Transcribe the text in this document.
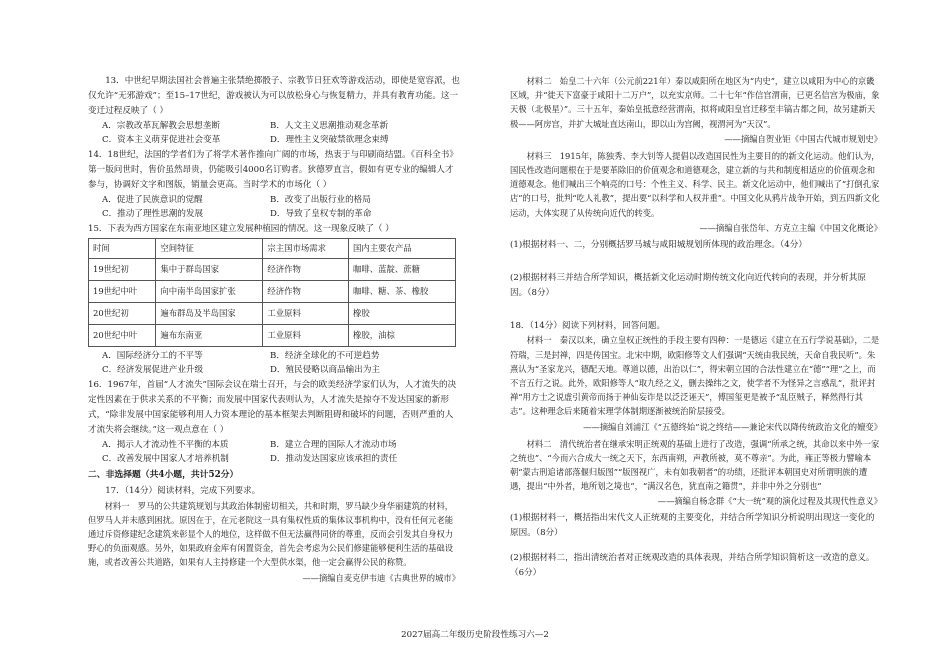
13．中世纪早期法国社会普遍主张禁绝掷骰子、宗教节日狂欢等游戏活动，即使是宽容派，也仅允许“无邪游戏”；至15–17世纪，游戏被认为可以放松身心与恢复精力，并具有教育功能。这一变迁过程反映了（ ）

A．宗教改革瓦解教会思想垄断	B．人文主义思潮推动观念革新
C．资本主义萌芽促进社会变革	D．理性主义突破禁欲理念束缚

14．18世纪，法国的学者们为了将学术著作推向广阔的市场，热衷于与印刷商结盟。《百科全书》第一版问世时，售价虽然昂贵，仍能吸引4000名订购者。狄德罗直言，假如有更专业的编辑人才参与，协调好文字和图版，销量会更高。当时学术的市场化（ ）

A．促进了民族意识的觉醒	B．改变了出版行业的格局
C．推动了理性思潮的发展	D．导致了皇权专制的革命

15．下表为西方国家在东南亚地区建立发展种植园的情况。这一现象反映了（ ）

时间	空间特征	宗主国市场需求	国内主要农产品
19世纪初	集中于群岛国家	经济作物	咖啡、蓝靛、蔗糖
19世纪中叶	向中南半岛国家扩张	经济作物	咖啡、糖、茶、橡胶
20世纪初	遍布群岛及半岛国家	工业原料	橡胶
20世纪中叶	遍布东南亚	工业原料	橡胶，油棕
A．国际经济分工的不平等	B．经济全球化的不可逆趋势
C．经济发展促进产业升级	D．殖民侵略以商品输出为主

16．1967年，首届“人才流失”国际会议在瑞士召开，与会的欧美经济学家们认为，人才流失的决定性因素在于供求关系的不平衡；而发展中国家代表则认为，人才流失是掠夺不发达国家的新形式，“除非发展中国家能够利用人力资本理论的基本框架去判断阻碍和破坏的问题，否则严重的人才流失将会继续。”这一观点意在（ ）

A．揭示人才流动性不平衡的本质	B．建立合理的国际人才流动市场
C．改善发展中国家人才培养机制	D．推动发达国家应该承担的责任

二、非选择题（共4小题，共计52分）

17．（14分）阅读材料，完成下列要求。

材料一　罗马的公共建筑规划与其政治体制密切相关，共和时期，罗马缺少身华丽建筑的材料，但罗马人并未感到困扰。原因在于，在元老院这一具有集权性质的集体议事机构中，没有任何元老能通过斥资修建纪念建筑来彰显个人的地位，这样做不但无法赢得同侪的尊重，反而会引发其自身权力野心的负面观感。另外，如果政府金库有闲置资金，首先会考虑为公民们修建能够便利生活的基础设施，或者改善公共道路，如果有人主持修建一个大型供水渠，他一定会赢得公民的称赞。

——摘编自麦克伊韦迪《古典世界的城市》

材料二　始皇二十六年（公元前221年）秦以咸阳所在地区为“内史”，建立以咸阳为中心的京畿区域，并“徙天下富豪于咸阳十二万户”，以充实京师。二十七年“作信宫渭南，已更名信宫为极庙，象天极（北极星）”。三十五年，秦始皇抵意经营渭南，拟将咸阳皇宫迁移至丰镐古都之间，故另建新天极——阿房宫，并扩大城址直达南山，即以山为宫阙，视渭河为“天汉”。

——摘编自贺业钜《中国古代城市规划史》

材料三　1915年，陈独秀、李大钊等人提倡以改造国民性为主要目的的新文化运动。他们认为，国民性改造问题根在于是要革除旧的价值观念和道德观念，建立新的与共和制度相适应的价值观念和道德观念。他们喊出三个响亮的口号：个性主义、科学、民主。新文化运动中，他们喊出了“打倒孔家店”的口号，批判“吃人礼教”，提出要“以科学和人权并重”。中国文化从鸦片战争开始，到五四新文化运动，大体实现了从传统向近代的转变。

——摘编自张岱年、方克立主编《中国文化概论》

(1)根据材料一、二，分别概括罗马城与咸阳城规划所体现的政治理念。（4分）

(2)根据材料三并结合所学知识，概括新文化运动时期传统文化向近代转向的表现，并分析其原因。（8分）

18．（14分）阅读下列材料，回答问题。

材料一　秦汉以来，确立皇权正统性的手段主要有四种：一是德运《建立在五行学说基础》，二是符瑞，三是封禅，四是传国宝。北宋中期，欧阳修等文人们强调“天统由我民统，天命自我民听”。朱熹认为“圣家龙兴，德配天地。尊道以德，出治以仁”，得宋朝立国的合法性建立在“德”“理”之上，而不言五行之说。此外，欧阳修等人“取九经之义，删去操纬之文，使学者不为怪异之言惑乱”，批评封禅“用方士之说虚引黄帝而扬于神仙妄诈是以泛泛诬天”，傅国玺更是被予“乱臣贼子，释然得行其志”。这种理念后来随着宋理学体制期逐渐被统治阶层接受。

——摘编自刘浦江《“五德终始”说之终结——兼论宋代以降传统政治文化的嬗变》

材料二　清代统治者在继承宋明正统观的基础上进行了改造，强调“所承之统，其命以来中外一家之统也”、“今而六合成大一统之天下，东西南朔，声教所被，莫不尊亲”。为此，雍正等极力譬喻本朝“蒙古刑追诸部落偃归版图”“版图视广，未有如我朝者”的功绩，还批评本朝国史对所谓明族的遭遇，提出“中外者，地所划之境也”，“满汉名色，犹直南之籍贯”，并非中外之分别也”

——摘编自杨念群《“大一统”观的演化过程及其现代性意义》

(1)根据材料一，概括指出宋代文人正统观的主要变化，并结合所学知识分析说明出现这一变化的原因。（8分）

(2)根据材料二，指出清统治者对正统观改造的具体表现，并结合所学知识简析这一改造的意义。（6分）

2027届高二年级历史阶段性练习六—2
